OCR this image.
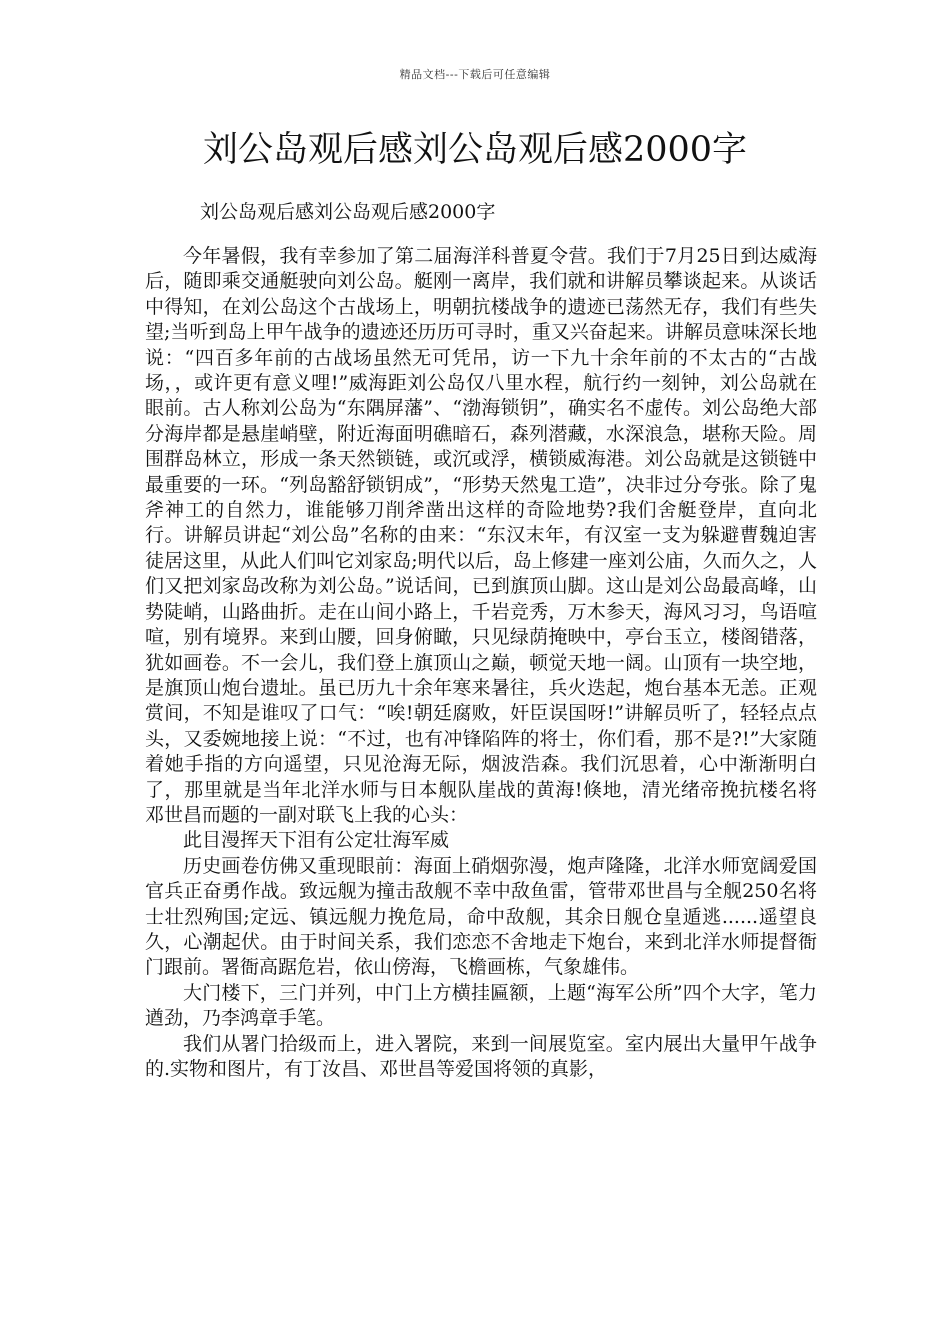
精品文档---下载后可任意编辑
刘公岛观后感刘公岛观后感2000字
刘公岛观后感刘公岛观后感2000字

今年暑假，我有幸参加了第二届海洋科普夏令营。我们于7月25日到达威海后，随即乘交通艇驶向刘公岛。艇刚一离岸，我们就和讲解员攀谈起来。从谈话中得知，在刘公岛这个古战场上，明朝抗楼战争的遗迹已荡然无存，我们有些失望;当听到岛上甲午战争的遗迹还历历可寻时，重又兴奋起来。讲解员意味深长地说：“四百多年前的古战场虽然无可凭吊，访一下九十余年前的不太古的“古战场，，或许更有意义哩!”威海距刘公岛仅八里水程，航行约一刻钟，刘公岛就在眼前。古人称刘公岛为“东隅屏藩”、“渤海锁钥”，确实名不虚传。刘公岛绝大部分海岸都是悬崖峭壁，附近海面明礁暗石，森列潜藏，水深浪急，堪称天险。周围群岛林立，形成一条天然锁链，或沉或浮，横锁威海港。刘公岛就是这锁链中最重要的一环。“列岛豁舒锁钥成”，“形势天然鬼工造”，决非过分夸张。除了鬼斧神工的自然力，谁能够刀削斧凿出这样的奇险地势?我们舍艇登岸，直向北行。讲解员讲起“刘公岛”名称的由来：“东汉末年，有汉室一支为躲避曹魏迫害徒居这里，从此人们叫它刘家岛;明代以后，岛上修建一座刘公庙，久而久之，人们又把刘家岛改称为刘公岛。”说话间，已到旗顶山脚。这山是刘公岛最高峰，山势陡峭，山路曲折。走在山间小路上，千岩竞秀，万木参天，海风习习，鸟语喧喧，别有境界。来到山腰，回身俯瞰，只见绿荫掩映中，亭台玉立，楼阁错落，犹如画卷。不一会儿，我们登上旗顶山之巅，顿觉天地一阔。山顶有一块空地，是旗顶山炮台遗址。虽已历九十余年寒来暑往，兵火迭起，炮台基本无恙。正观赏间，不知是谁叹了口气：“唉!朝廷腐败，奸臣误国呀!”讲解员听了，轻轻点点头，又委婉地接上说：“不过，也有冲锋陷阵的将士，你们看，那不是?!”大家随着她手指的方向遥望，只见沧海无际，烟波浩森。我们沉思着，心中渐渐明白了，那里就是当年北洋水师与日本舰队崖战的黄海!倏地，清光绪帝挽抗楼名将邓世昌而题的一副对联飞上我的心头：

此目漫挥天下泪有公定壮海军威

历史画卷仿佛又重现眼前：海面上硝烟弥漫，炮声隆隆，北洋水师宽阔爱国官兵正奋勇作战。致远舰为撞击敌舰不幸中敌鱼雷，管带邓世昌与全舰250名将士壮烈殉国;定远、镇远舰力挽危局，命中敌舰，其余日舰仓皇遁逃......遥望良久，心潮起伏。由于时间关系，我们恋恋不舍地走下炮台，来到北洋水师提督衙门跟前。署衙高踞危岩，依山傍海，飞檐画栋，气象雄伟。

大门楼下，三门并列，中门上方横挂匾额，上题“海军公所”四个大字，笔力遒劲，乃李鸿章手笔。

我们从署门拾级而上，进入署院，来到一间展览室。室内展出大量甲午战争的.实物和图片，有丁汝昌、邓世昌等爱国将领的真影，
